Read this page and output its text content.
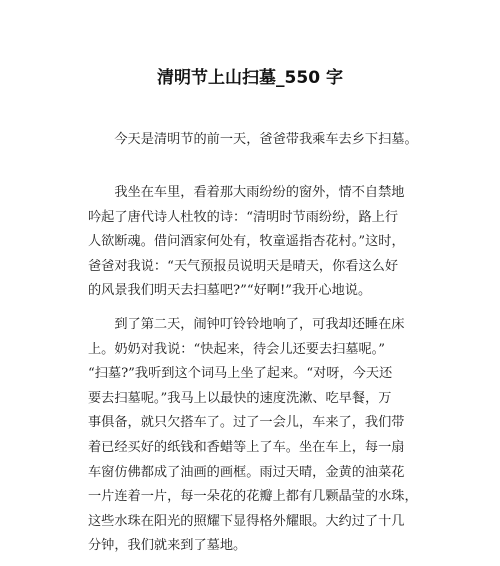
清明节上山扫墓_550 字

　　今天是清明节的前一天，爸爸带我乘车去乡下扫墓。

　　我坐在车里，看着那大雨纷纷的窗外，情不自禁地
吟起了唐代诗人杜牧的诗：“清明时节雨纷纷，路上行
人欲断魂。借问酒家何处有，牧童遥指杏花村。”这时，
爸爸对我说：“天气预报员说明天是晴天，你看这么好
的风景我们明天去扫墓吧?”“好啊!”我开心地说。

　　到了第二天，闹钟叮铃铃地响了，可我却还睡在床
上。奶奶对我说：“快起来，待会儿还要去扫墓呢。”
“扫墓?”我听到这个词马上坐了起来。“对呀，今天还
要去扫墓呢。”我马上以最快的速度洗漱、吃早餐，万
事俱备，就只欠搭车了。过了一会儿，车来了，我们带
着已经买好的纸钱和香蜡等上了车。坐在车上，每一扇
车窗仿佛都成了油画的画框。雨过天晴，金黄的油菜花
一片连着一片，每一朵花的花瓣上都有几颗晶莹的水珠，
这些水珠在阳光的照耀下显得格外耀眼。大约过了十几
分钟，我们就来到了墓地。
